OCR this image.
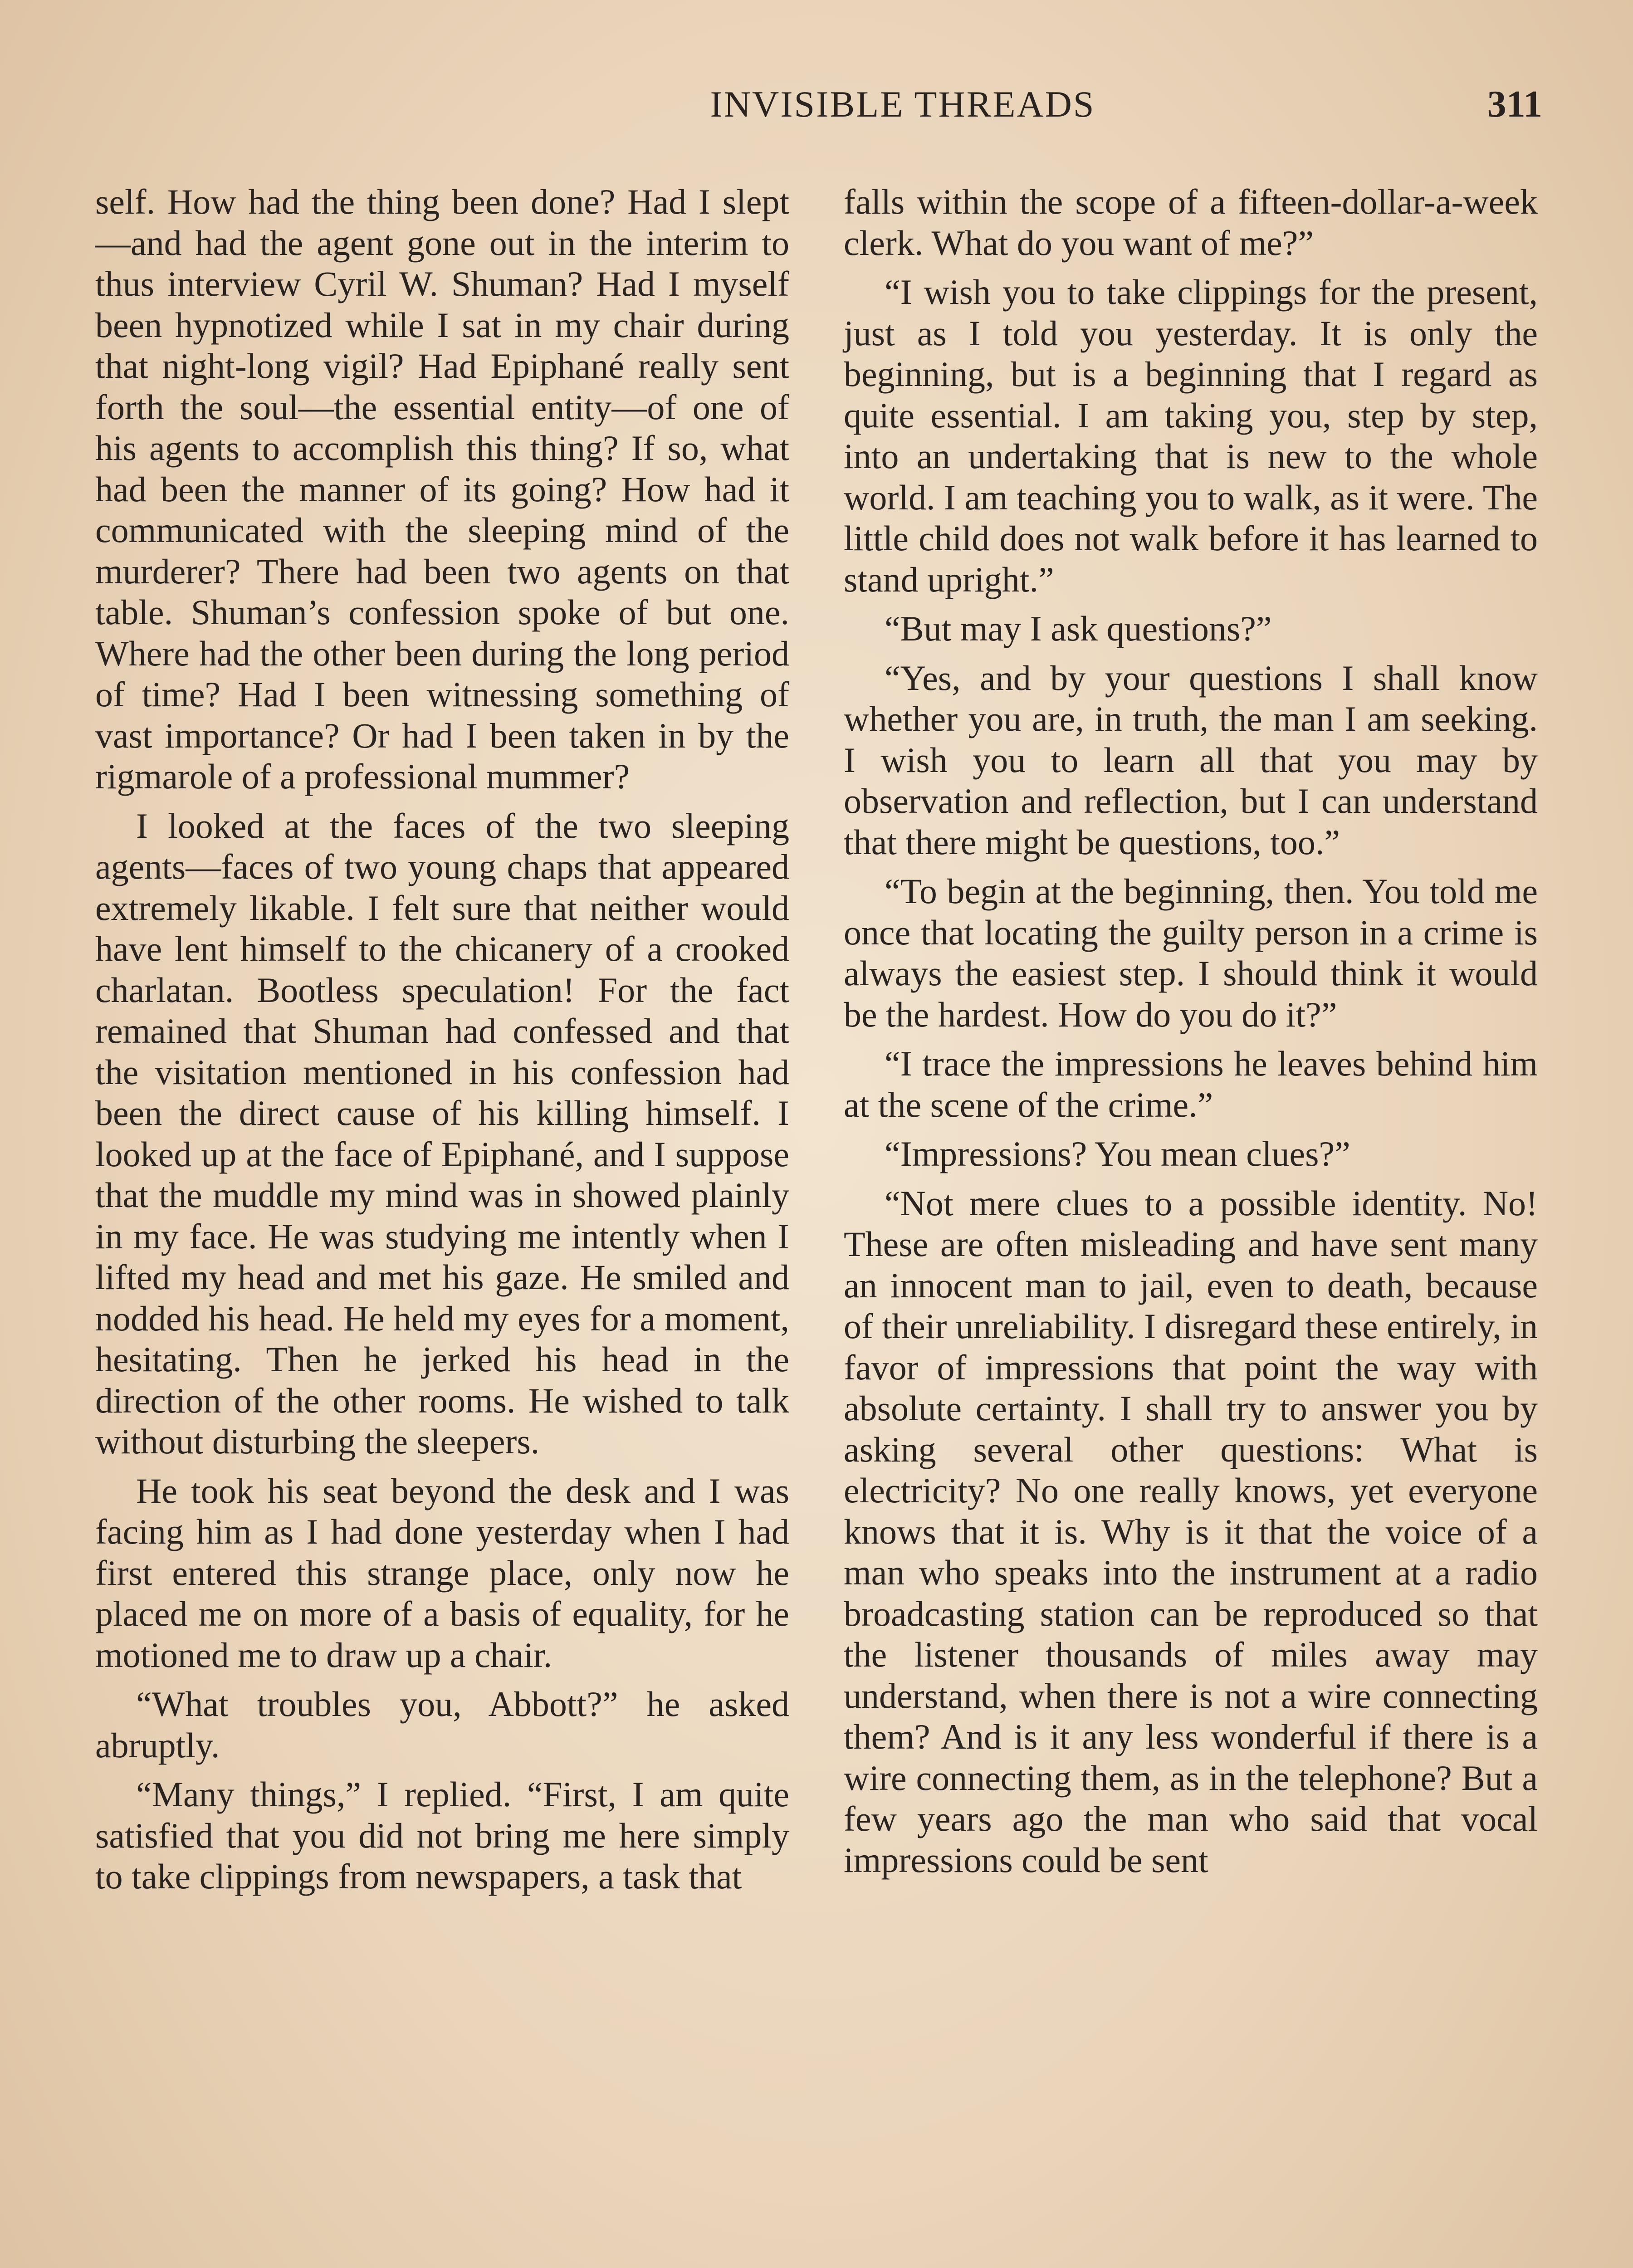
INVISIBLE THREADS	311

self. How had the thing been done? Had I slept—and had the agent gone out in the interim to thus interview Cyril W. Shuman? Had I myself been hypnotized while I sat in my chair during that night-long vigil? Had Epiphané really sent forth the soul—the essential entity—of one of his agents to accomplish this thing? If so, what had been the manner of its going? How had it communicated with the sleeping mind of the murderer? There had been two agents on that table. Shuman’s confession spoke of but one. Where had the other been during the long period of time? Had I been witnessing something of vast importance? Or had I been taken in by the rigmarole of a professional mummer?

I looked at the faces of the two sleeping agents—faces of two young chaps that appeared extremely likable. I felt sure that neither would have lent himself to the chicanery of a crooked charlatan. Bootless speculation! For the fact remained that Shuman had confessed and that the visitation mentioned in his confession had been the direct cause of his killing himself. I looked up at the face of Epiphané, and I suppose that the muddle my mind was in showed plainly in my face. He was studying me intently when I lifted my head and met his gaze. He smiled and nodded his head. He held my eyes for a moment, hesitating. Then he jerked his head in the direction of the other rooms. He wished to talk without disturbing the sleepers.

He took his seat beyond the desk and I was facing him as I had done yesterday when I had first entered this strange place, only now he placed me on more of a basis of equality, for he motioned me to draw up a chair.

“What troubles you, Abbott?” he asked abruptly.

“Many things,” I replied. “First, I am quite satisfied that you did not bring me here simply to take clippings from newspapers, a task that

falls within the scope of a fifteen-dollar-a-week clerk. What do you want of me?”

“I wish you to take clippings for the present, just as I told you yesterday. It is only the beginning, but is a beginning that I regard as quite essential. I am taking you, step by step, into an undertaking that is new to the whole world. I am teaching you to walk, as it were. The little child does not walk before it has learned to stand upright.”

“But may I ask questions?”

“Yes, and by your questions I shall know whether you are, in truth, the man I am seeking. I wish you to learn all that you may by observation and reflection, but I can understand that there might be questions, too.”

“To begin at the beginning, then. You told me once that locating the guilty person in a crime is always the easiest step. I should think it would be the hardest. How do you do it?”

“I trace the impressions he leaves behind him at the scene of the crime.”

“Impressions? You mean clues?”

“Not mere clues to a possible identity. No! These are often misleading and have sent many an innocent man to jail, even to death, because of their unreliability. I disregard these entirely, in favor of impressions that point the way with absolute certainty. I shall try to answer you by asking several other questions: What is electricity? No one really knows, yet everyone knows that it is. Why is it that the voice of a man who speaks into the instrument at a radio broadcasting station can be reproduced so that the listener thousands of miles away may understand, when there is not a wire connecting them? And is it any less wonderful if there is a wire connecting them, as in the telephone? But a few years ago the man who said that vocal impressions could be sent
